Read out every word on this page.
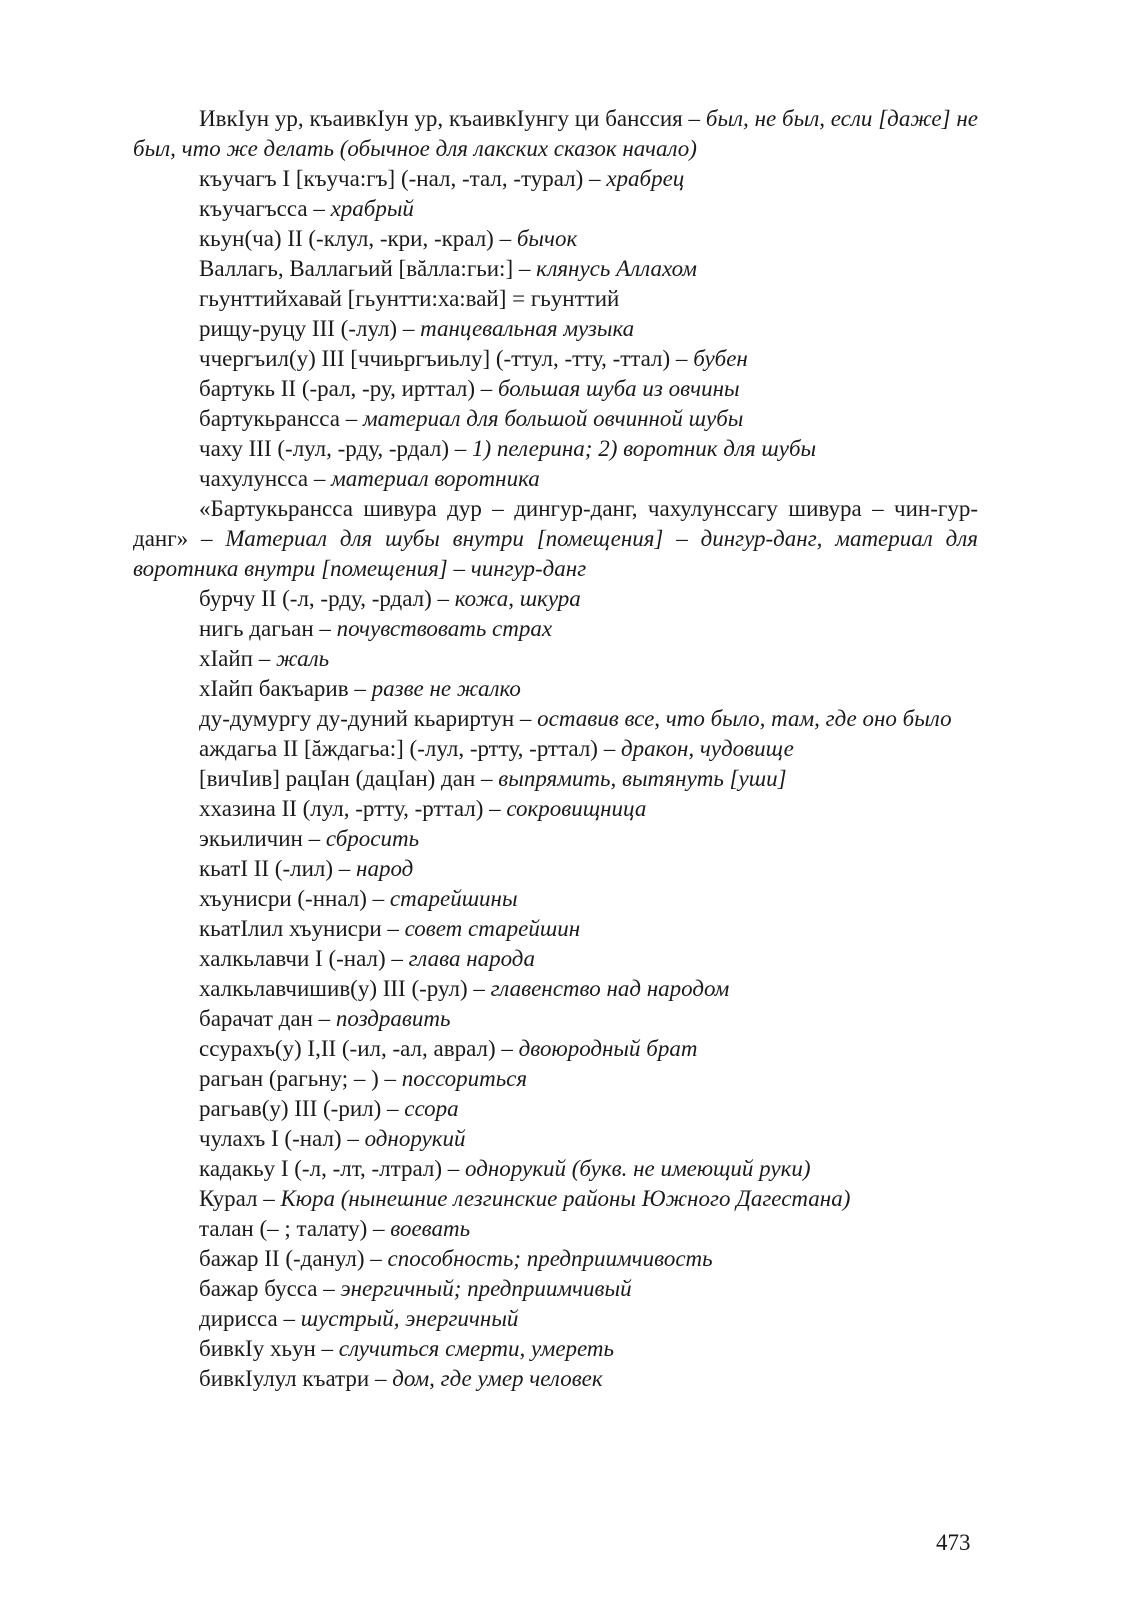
ИвкIун ур, къаивкIун ур, къаивкIунгу ци банссия – был, не был, если [даже] не был, что же делать (обычное для лакских сказок начало)
къучагъ I [къуча:гъ] (-нал, -тал, -турал) – храбрец
къучагъсса – храбрый
кьун(ча) II (-клул, -кри, -крал) – бычок
Валлагь, Валлагьий [вăлла:гьи:] – клянусь Аллахом
гьунттийхавай [гьунтти:ха:вай] = гьунттий
рищу-руцу III (-лул) – танцевальная музыка
ччергъил(у) III [ччиьргъиьлу] (-ттул, -тту, -ттал) – бубен
бартукь II (-рал, -ру, ирттал) – большая шуба из овчины
бартукьрансса – материал для большой овчинной шубы
чаху III (-лул, -рду, -рдал) – 1) пелерина; 2) воротник для шубы
чахулунсса – материал воротника
«Бартукьрансса шивура дур – дингур-данг, чахулунссагу шивура – чин-гур-данг» – Материал для шубы внутри [помещения] – дингур-данг, материал для воротника внутри [помещения] – чингур-данг
бурчу II (-л, -рду, -рдал) – кожа, шкура
нигь дагьан – почувствовать страх
хIайп – жаль
хIайп бакъарив – разве не жалко
ду-думургу ду-дуний кьариртун – оставив все, что было, там, где оно было
аждагьа II [ăждагьа:] (-лул, -ртту, -рттал) – дракон, чудовище
[вичIив] рацIан (дацIан) дан – выпрямить, вытянуть [уши]
ххазина II (лул, -ртту, -рттал) – сокровищница
экьиличин – сбросить
кьатI II (-лил) – народ
хъунисри (-ннал) – старейшины
кьатIлил хъунисри – совет старейшин
халкьлавчи I (-нал) – глава народа
халкьлавчишив(у) III (-рул) – главенство над народом
барачат дан – поздравить
ссурахъ(у) I,II (-ил, -ал, аврал) – двоюродный брат
рагьан (рагьну; – ) – поссориться
рагьав(у) III (-рил) – ссора
чулахъ I (-нал) – однорукий
кадакьу I (-л, -лт, -лтрал) – однорукий (букв. не имеющий руки)
Курал – Кюра (нынешние лезгинские районы Южного Дагестана)
талан (– ; талату) – воевать
бажар II (-данул) – способность; предприимчивость
бажар бусса – энергичный; предприимчивый
дирисса – шустрый, энергичный
бивкIу хьун – случиться смерти, умереть
бивкIулул къатри – дом, где умер человек
473
